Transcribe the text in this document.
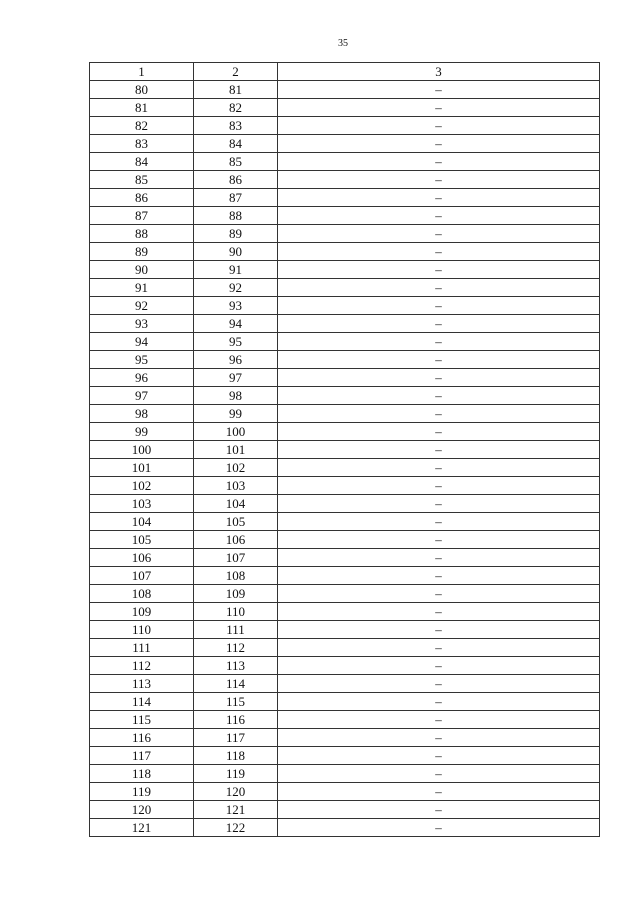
35
1	2	3
80	81	–
81	82	–
82	83	–
83	84	–
84	85	–
85	86	–
86	87	–
87	88	–
88	89	–
89	90	–
90	91	–
91	92	–
92	93	–
93	94	–
94	95	–
95	96	–
96	97	–
97	98	–
98	99	–
99	100	–
100	101	–
101	102	–
102	103	–
103	104	–
104	105	–
105	106	–
106	107	–
107	108	–
108	109	–
109	110	–
110	111	–
111	112	–
112	113	–
113	114	–
114	115	–
115	116	–
116	117	–
117	118	–
118	119	–
119	120	–
120	121	–
121	122	–
